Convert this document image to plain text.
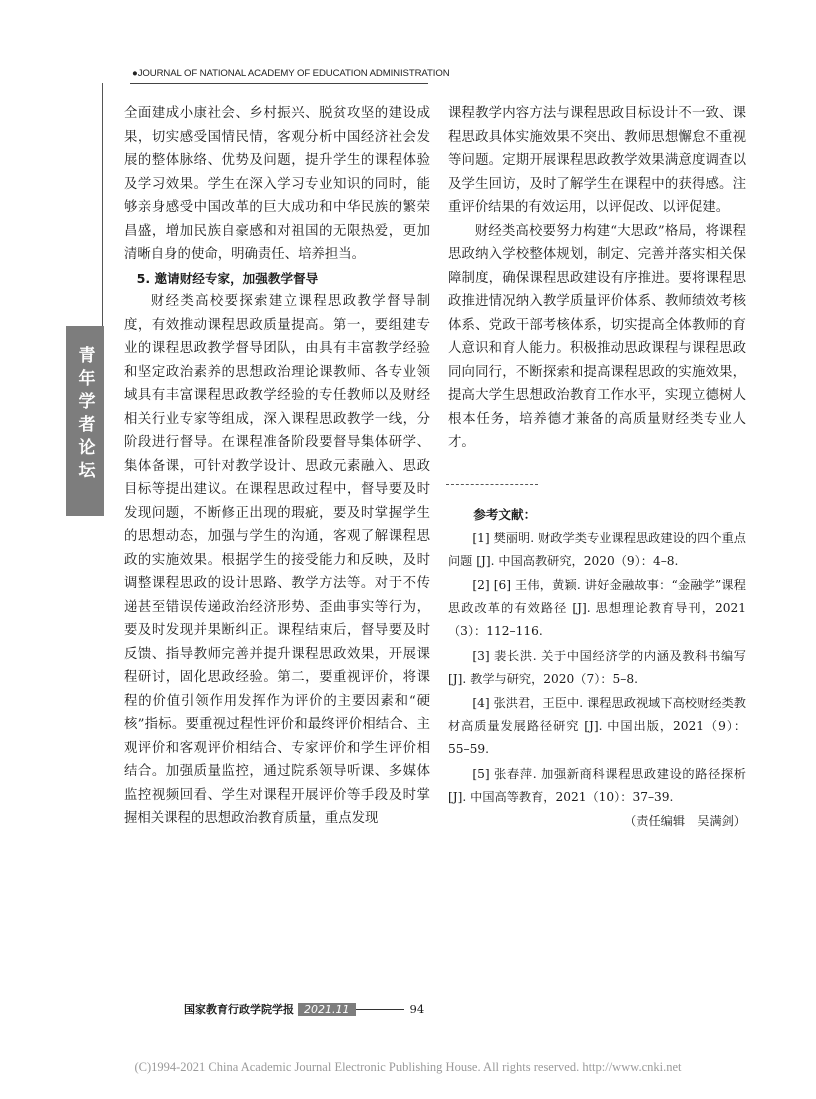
●JOURNAL OF NATIONAL ACADEMY OF EDUCATION ADMINISTRATION
青年学者论坛

全面建成小康社会、乡村振兴、脱贫攻坚的建设成果，切实感受国情民情，客观分析中国经济社会发展的整体脉络、优势及问题，提升学生的课程体验及学习效果。学生在深入学习专业知识的同时，能够亲身感受中国改革的巨大成功和中华民族的繁荣昌盛，增加民族自豪感和对祖国的无限热爱，更加清晰自身的使命，明确责任、培养担当。

5. 邀请财经专家，加强教学督导

财经类高校要探索建立课程思政教学督导制度，有效推动课程思政质量提高。第一，要组建专业的课程思政教学督导团队，由具有丰富教学经验和坚定政治素养的思想政治理论课教师、各专业领域具有丰富课程思政教学经验的专任教师以及财经相关行业专家等组成，深入课程思政教学一线，分阶段进行督导。在课程准备阶段要督导集体研学、集体备课，可针对教学设计、思政元素融入、思政目标等提出建议。在课程思政过程中，督导要及时发现问题，不断修正出现的瑕疵，要及时掌握学生的思想动态，加强与学生的沟通，客观了解课程思政的实施效果。根据学生的接受能力和反映，及时调整课程思政的设计思路、教学方法等。对于不传递甚至错误传递政治经济形势、歪曲事实等行为，要及时发现并果断纠正。课程结束后，督导要及时反馈、指导教师完善并提升课程思政效果，开展课程研讨，固化思政经验。第二，要重视评价，将课程的价值引领作用发挥作为评价的主要因素和“硬核”指标。要重视过程性评价和最终评价相结合、主观评价和客观评价相结合、专家评价和学生评价相结合。加强质量监控，通过院系领导听课、多媒体监控视频回看、学生对课程开展评价等手段及时掌握相关课程的思想政治教育质量，重点发现

课程教学内容方法与课程思政目标设计不一致、课程思政具体实施效果不突出、教师思想懈怠不重视等问题。定期开展课程思政教学效果满意度调查以及学生回访，及时了解学生在课程中的获得感。注重评价结果的有效运用，以评促改、以评促建。

财经类高校要努力构建“大思政”格局，将课程思政纳入学校整体规划，制定、完善并落实相关保障制度，确保课程思政建设有序推进。要将课程思政推进情况纳入教学质量评价体系、教师绩效考核体系、党政干部考核体系，切实提高全体教师的育人意识和育人能力。积极推动思政课程与课程思政同向同行，不断探索和提高课程思政的实施效果，提高大学生思想政治教育工作水平，实现立德树人根本任务，培养德才兼备的高质量财经类专业人才。

参考文献：

[1] 樊丽明. 财政学类专业课程思政建设的四个重点问题 [J]. 中国高教研究，2020（9）：4–8.

[2] [6] 王伟，黄颖. 讲好金融故事：“金融学”课程思政改革的有效路径 [J]. 思想理论教育导刊，2021（3）：112–116.

[3] 裴长洪. 关于中国经济学的内涵及教科书编写 [J]. 教学与研究，2020（7）：5–8.

[4] 张洪君，王臣中. 课程思政视域下高校财经类教材高质量发展路径研究 [J]. 中国出版，2021（9）：55–59.

[5] 张春萍. 加强新商科课程思政建设的路径探析 [J]. 中国高等教育，2021（10）：37–39.

（责任编辑　吴满剑）

国家教育行政学院学报 2021.11	94
(C)1994-2021 China Academic Journal Electronic Publishing House. All rights reserved. http://www.cnki.net
